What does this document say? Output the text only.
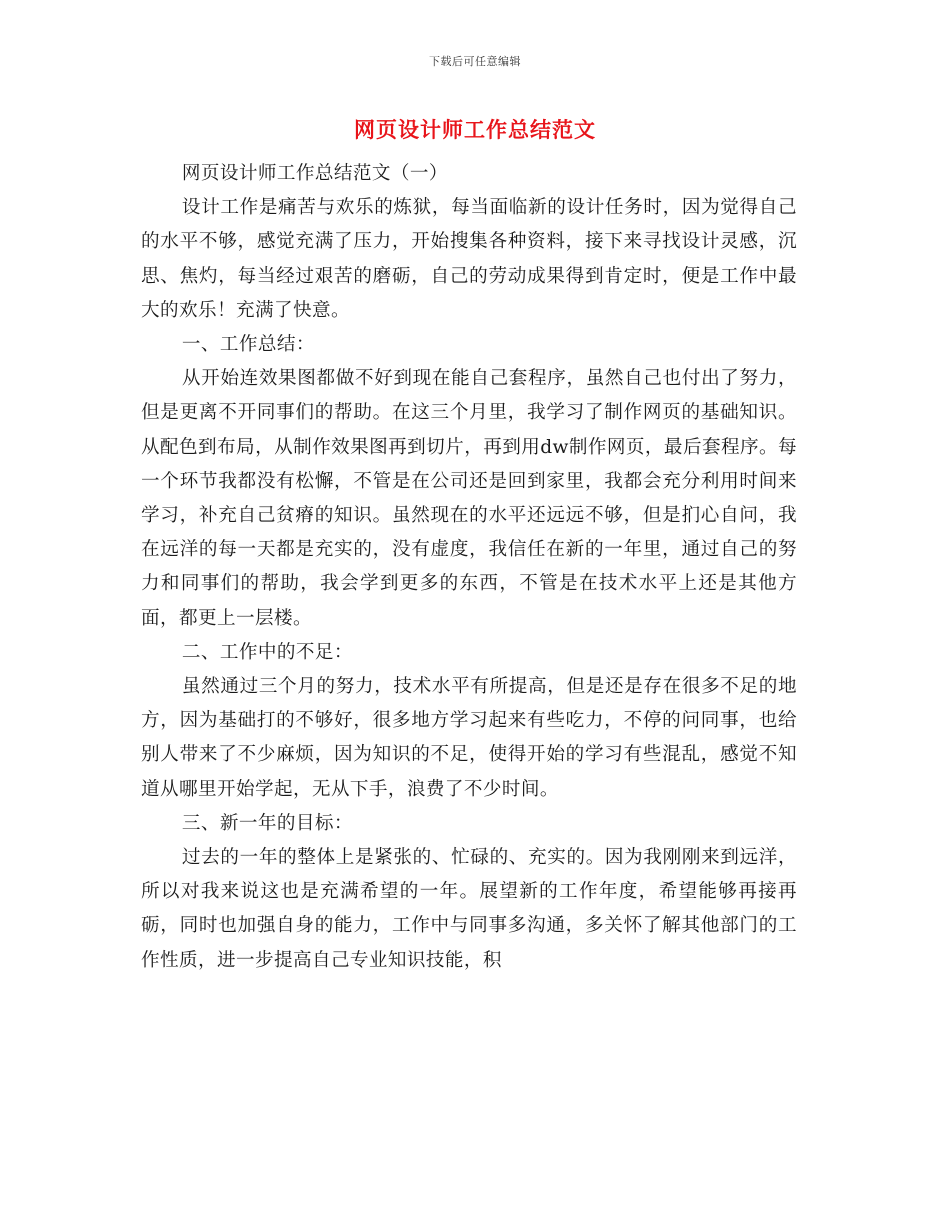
下载后可任意编辑
网页设计师工作总结范文

网页设计师工作总结范文（一）

设计工作是痛苦与欢乐的炼狱，每当面临新的设计任务时，因为觉得自己的水平不够，感觉充满了压力，开始搜集各种资料，接下来寻找设计灵感，沉思、焦灼，每当经过艰苦的磨砺，自己的劳动成果得到肯定时，便是工作中最大的欢乐！充满了快意。

一、工作总结：

从开始连效果图都做不好到现在能自己套程序，虽然自己也付出了努力，但是更离不开同事们的帮助。在这三个月里，我学习了制作网页的基础知识。从配色到布局，从制作效果图再到切片，再到用dw制作网页，最后套程序。每一个环节我都没有松懈，不管是在公司还是回到家里，我都会充分利用时间来学习，补充自己贫瘠的知识。虽然现在的水平还远远不够，但是扪心自问，我在远洋的每一天都是充实的，没有虚度，我信任在新的一年里，通过自己的努力和同事们的帮助，我会学到更多的东西，不管是在技术水平上还是其他方面，都更上一层楼。

二、工作中的不足：

虽然通过三个月的努力，技术水平有所提高，但是还是存在很多不足的地方，因为基础打的不够好，很多地方学习起来有些吃力，不停的问同事，也给别人带来了不少麻烦，因为知识的不足，使得开始的学习有些混乱，感觉不知道从哪里开始学起，无从下手，浪费了不少时间。

三、新一年的目标：

过去的一年的整体上是紧张的、忙碌的、充实的。因为我刚刚来到远洋，所以对我来说这也是充满希望的一年。展望新的工作年度，希望能够再接再砺，同时也加强自身的能力，工作中与同事多沟通，多关怀了解其他部门的工作性质，进一步提高自己专业知识技能，积
